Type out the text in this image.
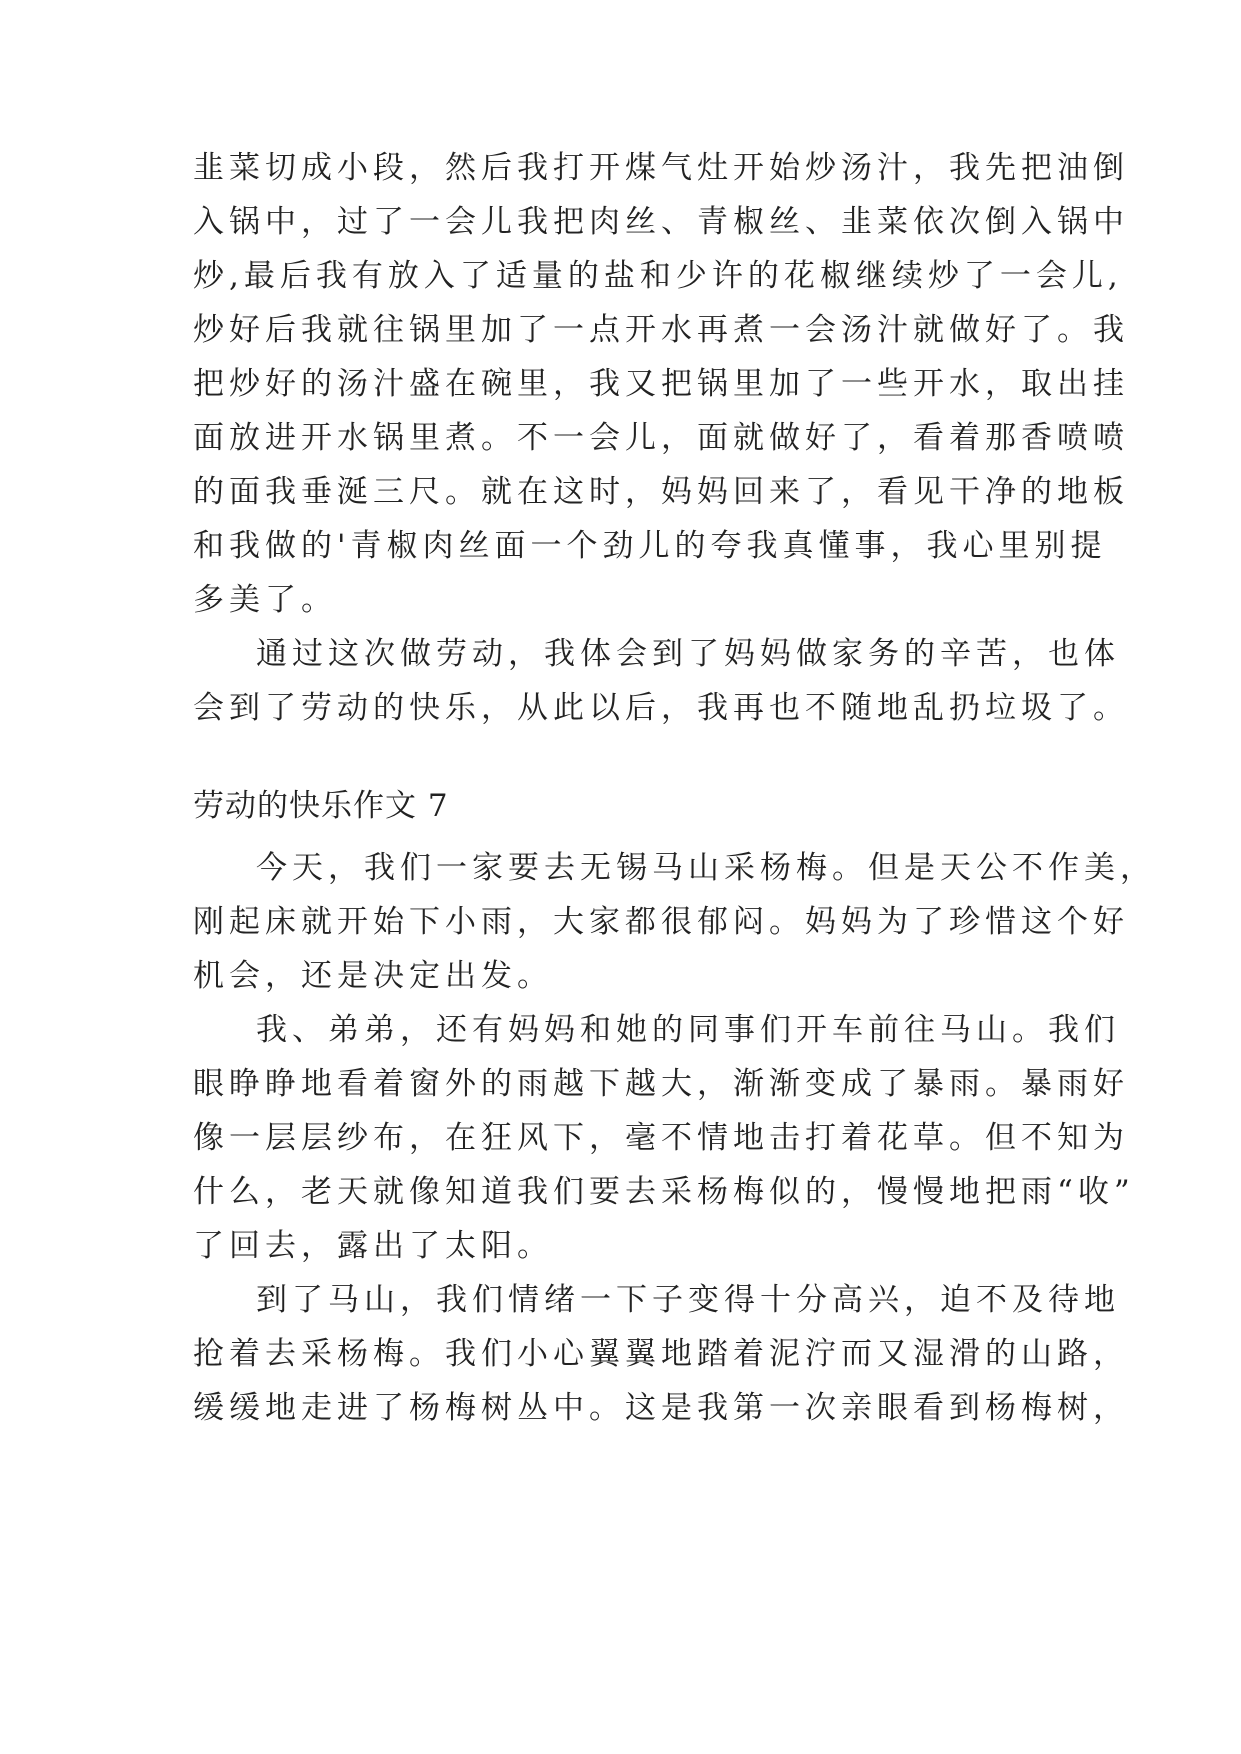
韭菜切成小段，然后我打开煤气灶开始炒汤汁，我先把油倒
入锅中，过了一会儿我把肉丝、青椒丝、韭菜依次倒入锅中
炒,最后我有放入了适量的盐和少许的花椒继续炒了一会儿,
炒好后我就往锅里加了一点开水再煮一会汤汁就做好了。我
把炒好的汤汁盛在碗里，我又把锅里加了一些开水，取出挂
面放进开水锅里煮。不一会儿，面就做好了，看着那香喷喷
的面我垂涎三尺。就在这时，妈妈回来了，看见干净的地板
和我做的'青椒肉丝面一个劲儿的夸我真懂事，我心里别提
多美了。
通过这次做劳动，我体会到了妈妈做家务的辛苦，也体
会到了劳动的快乐，从此以后，我再也不随地乱扔垃圾了。
劳动的快乐作文 7
今天，我们一家要去无锡马山采杨梅。但是天公不作美，
刚起床就开始下小雨，大家都很郁闷。妈妈为了珍惜这个好
机会，还是决定出发。
我、弟弟，还有妈妈和她的同事们开车前往马山。我们
眼睁睁地看着窗外的雨越下越大，渐渐变成了暴雨。暴雨好
像一层层纱布，在狂风下，毫不情地击打着花草。但不知为
什么，老天就像知道我们要去采杨梅似的，慢慢地把雨“收”
了回去，露出了太阳。
到了马山，我们情绪一下子变得十分高兴，迫不及待地
抢着去采杨梅。我们小心翼翼地踏着泥泞而又湿滑的山路，
缓缓地走进了杨梅树丛中。这是我第一次亲眼看到杨梅树，
